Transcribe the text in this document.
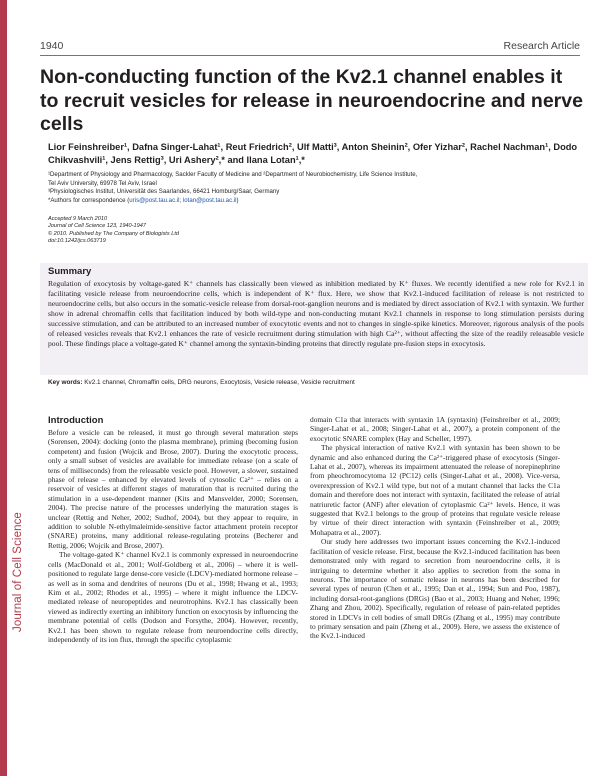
Journal of Cell Science
1940	Research Article
Non-conducting function of the Kv2.1 channel enables it to recruit vesicles for release in neuroendocrine and nerve cells
Lior Feinshreiber¹, Dafna Singer-Lahat¹, Reut Friedrich², Ulf Matti³, Anton Sheinin², Ofer Yizhar², Rachel Nachman¹, Dodo Chikvashvili¹, Jens Rettig³, Uri Ashery²,* and Ilana Lotan¹,*
¹Department of Physiology and Pharmacology, Sackler Faculty of Medicine and ²Department of Neurobiochemistry, Life Science Institute,
Tel Aviv University, 69978 Tel Aviv, Israel
³Physiologisches Institut, Universität des Saarlandes, 66421 Homburg/Saar, Germany
*Authors for correspondence (uris@post.tau.ac.il; lotan@post.tau.ac.il)
Accepted 9 March 2010
Journal of Cell Science 123, 1940-1947
© 2010. Published by The Company of Biologists Ltd
doi:10.1242/jcs.063719
Summary
Regulation of exocytosis by voltage-gated K⁺ channels has classically been viewed as inhibition mediated by K⁺ fluxes. We recently identified a new role for Kv2.1 in facilitating vesicle release from neuroendocrine cells, which is independent of K⁺ flux. Here, we show that Kv2.1-induced facilitation of release is not restricted to neuroendocrine cells, but also occurs in the somatic-vesicle release from dorsal-root-ganglion neurons and is mediated by direct association of Kv2.1 with syntaxin. We further show in adrenal chromaffin cells that facilitation induced by both wild-type and non-conducting mutant Kv2.1 channels in response to long stimulation persists during successive stimulation, and can be attributed to an increased number of exocytotic events and not to changes in single-spike kinetics. Moreover, rigorous analysis of the pools of released vesicles reveals that Kv2.1 enhances the rate of vesicle recruitment during stimulation with high Ca²⁺, without affecting the size of the readily releasable vesicle pool. These findings place a voltage-gated K⁺ channel among the syntaxin-binding proteins that directly regulate pre-fusion steps in exocytosis.
Key words: Kv2.1 channel, Chromaffin cells, DRG neurons, Exocytosis, Vesicle release, Vesicle recruitment
Introduction

Before a vesicle can be released, it must go through several maturation steps (Sorensen, 2004): docking (onto the plasma membrane), priming (becoming fusion competent) and fusion (Wojcik and Brose, 2007). During the exocytotic process, only a small subset of vesicles are available for immediate release (on a scale of tens of milliseconds) from the releasable vesicle pool. However, a slower, sustained phase of release – enhanced by elevated levels of cytosolic Ca²⁺ – relies on a reservoir of vesicles at different stages of maturation that is recruited during the stimulation in a use-dependent manner (Kits and Mansvelder, 2000; Sorensen, 2004). The precise nature of the processes underlying the maturation stages is unclear (Rettig and Neher, 2002; Sudhof, 2004), but they appear to require, in addition to soluble N-ethylmaleimide-sensitive factor attachment protein receptor (SNARE) proteins, many additional release-regulating proteins (Becherer and Rettig, 2006; Wojcik and Brose, 2007).

The voltage-gated K⁺ channel Kv2.1 is commonly expressed in neuroendocrine cells (MacDonald et al., 2001; Wolf-Goldberg et al., 2006) – where it is well-positioned to regulate large dense-core vesicle (LDCV)-mediated hormone release – as well as in soma and dendrites of neurons (Du et al., 1998; Hwang et al., 1993; Kim et al., 2002; Rhodes et al., 1995) – where it might influence the LDCV-mediated release of neuropeptides and neurotrophins. Kv2.1 has classically been viewed as indirectly exerting an inhibitory function on exocytosis by influencing the membrane potential of cells (Dodson and Forsythe, 2004). However, recently, Kv2.1 has been shown to regulate release from neuroendocrine cells directly, independently of its ion flux, through the specific cytoplasmic

domain C1a that interacts with syntaxin 1A (syntaxin) (Feinshreiber et al., 2009; Singer-Lahat et al., 2008; Singer-Lahat et al., 2007), a protein component of the exocytotic SNARE complex (Hay and Scheller, 1997).

The physical interaction of native Kv2.1 with syntaxin has been shown to be dynamic and also enhanced during the Ca²⁺-triggered phase of exocytosis (Singer-Lahat et al., 2007), whereas its impairment attenuated the release of norepinephrine from pheochromocytoma 12 (PC12) cells (Singer-Lahat et al., 2008). Vice-versa, overexpression of Kv2.1 wild type, but not of a mutant channel that lacks the C1a domain and therefore does not interact with syntaxin, facilitated the release of atrial natriuretic factor (ANF) after elevation of cytoplasmic Ca²⁺ levels. Hence, it was suggested that Kv2.1 belongs to the group of proteins that regulate vesicle release by virtue of their direct interaction with syntaxin (Feinshreiber et al., 2009; Mohapatra et al., 2007).

Our study here addresses two important issues concerning the Kv2.1-induced facilitation of vesicle release. First, because the Kv2.1-induced facilitation has been demonstrated only with regard to secretion from neuroendocrine cells, it is intriguing to determine whether it also applies to secretion from the soma in neurons. The importance of somatic release in neurons has been described for several types of neuron (Chen et al., 1995; Dan et al., 1994; Sun and Poo, 1987), including dorsal-root-ganglions (DRGs) (Bao et al., 2003; Huang and Neher, 1996; Zhang and Zhou, 2002). Specifically, regulation of release of pain-related peptides stored in LDCVs in cell bodies of small DRGs (Zhang et al., 1995) may contribute to primary sensation and pain (Zheng et al., 2009). Here, we assess the existence of the Kv2.1-induced
